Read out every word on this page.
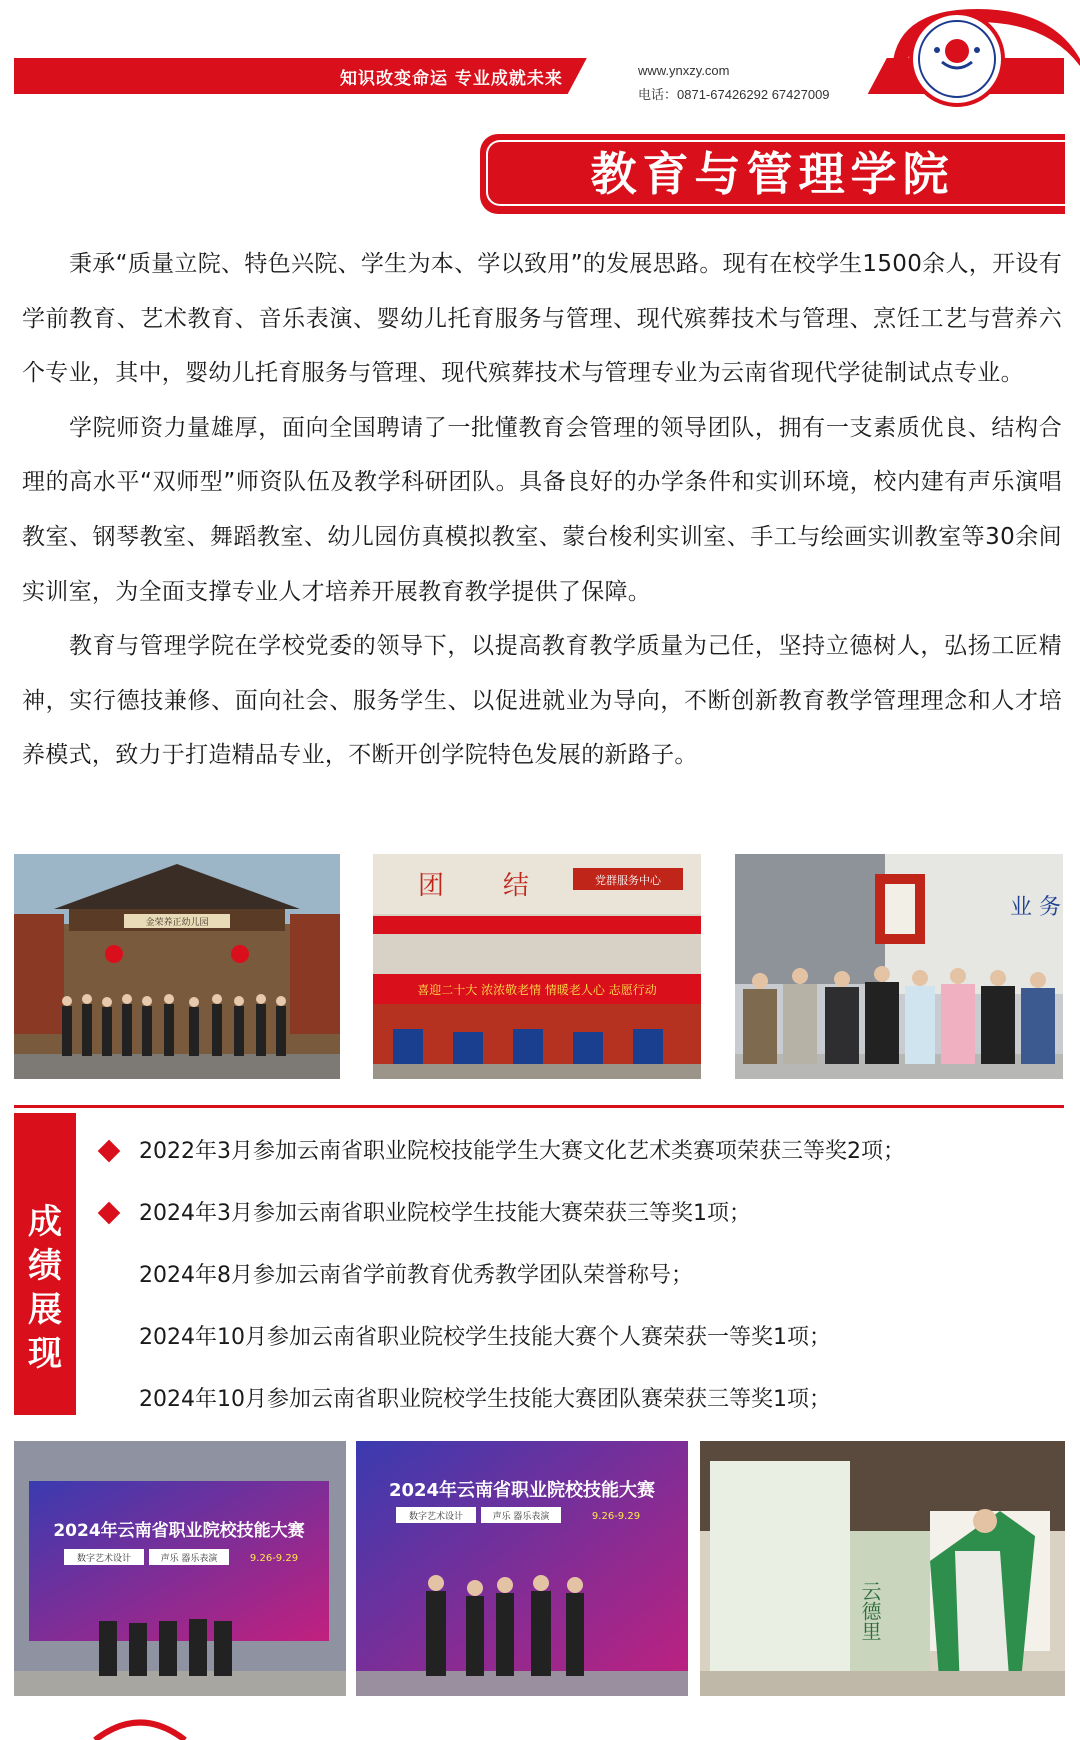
知识改变命运 专业成就未来	www.ynxzy.com
电话：0871-67426292 67427009
教育与管理学院

秉承“质量立院、特色兴院、学生为本、学以致用”的发展思路。现有在校学生1500余人，开设有学前教育、艺术教育、音乐表演、婴幼儿托育服务与管理、现代殡葬技术与管理、烹饪工艺与营养六个专业，其中，婴幼儿托育服务与管理、现代殡葬技术与管理专业为云南省现代学徒制试点专业。

学院师资力量雄厚，面向全国聘请了一批懂教育会管理的领导团队，拥有一支素质优良、结构合理的高水平“双师型”师资队伍及教学科研团队。具备良好的办学条件和实训环境，校内建有声乐演唱教室、钢琴教室、舞蹈教室、幼儿园仿真模拟教室、蒙台梭利实训室、手工与绘画实训教室等30余间实训室，为全面支撑专业人才培养开展教育教学提供了保障。

教育与管理学院在学校党委的领导下，以提高教育教学质量为己任，坚持立德树人，弘扬工匠精神，实行德技兼修、面向社会、服务学生、以促进就业为导向，不断创新教育教学管理理念和人才培养模式，致力于打造精品专业，不断开创学院特色发展的新路子。

金荣养正幼儿园
团 结	党群服务中心
喜迎二十大 浓浓敬老情 情暖老人心 志愿行动
业 务
成绩展现
2022年3月参加云南省职业院校技能学生大赛文化艺术类赛项荣获三等奖2项；
2024年3月参加云南省职业院校学生技能大赛荣获三等奖1项；
2024年8月参加云南省学前教育优秀教学团队荣誉称号；
2024年10月参加云南省职业院校学生技能大赛个人赛荣获一等奖1项；
2024年10月参加云南省职业院校学生技能大赛团队赛荣获三等奖1项；
2024年云南省职业院校技能大赛
数字艺术设计	声乐 器乐表演	9.26-9.29
2024年云南省职业院校技能大赛
数字艺术设计	声乐 器乐表演	9.26-9.29
云德里
